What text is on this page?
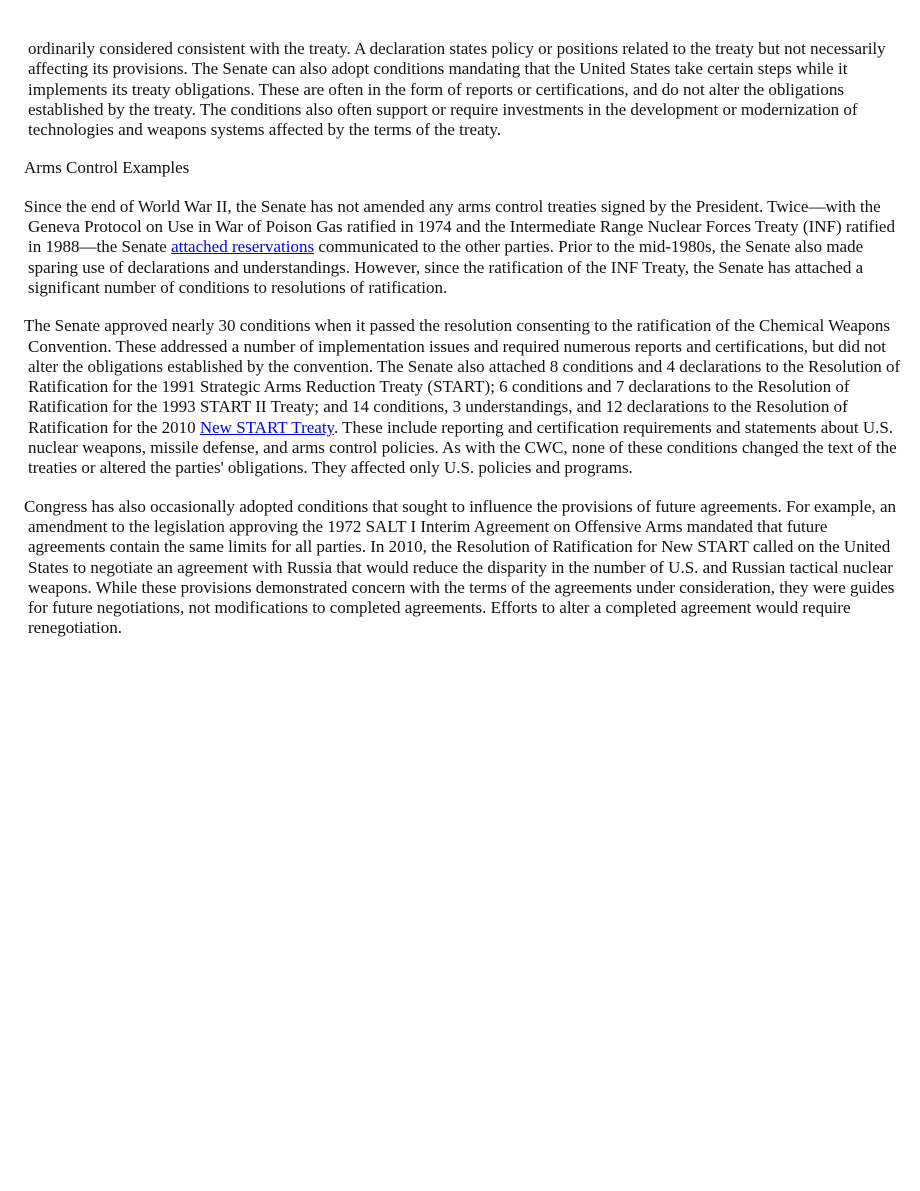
ordinarily considered consistent with the treaty. A declaration states policy or positions related to the treaty but not necessarily affecting its provisions. The Senate can also adopt conditions mandating that the United States take certain steps while it implements its treaty obligations. These are often in the form of reports or certifications, and do not alter the obligations established by the treaty. The conditions also often support or require investments in the development or modernization of technologies and weapons systems affected by the terms of the treaty.

Arms Control Examples

Since the end of World War II, the Senate has not amended any arms control treaties signed by the President. Twice—with the Geneva Protocol on Use in War of Poison Gas ratified in 1974 and the Intermediate Range Nuclear Forces Treaty (INF) ratified in 1988—the Senate attached reservations communicated to the other parties. Prior to the mid-1980s, the Senate also made sparing use of declarations and understandings. However, since the ratification of the INF Treaty, the Senate has attached a significant number of conditions to resolutions of ratification.

The Senate approved nearly 30 conditions when it passed the resolution consenting to the ratification of the Chemical Weapons Convention. These addressed a number of implementation issues and required numerous reports and certifications, but did not alter the obligations established by the convention. The Senate also attached 8 conditions and 4 declarations to the Resolution of Ratification for the 1991 Strategic Arms Reduction Treaty (START); 6 conditions and 7 declarations to the Resolution of Ratification for the 1993 START II Treaty; and 14 conditions, 3 understandings, and 12 declarations to the Resolution of Ratification for the 2010 New START Treaty. These include reporting and certification requirements and statements about U.S. nuclear weapons, missile defense, and arms control policies. As with the CWC, none of these conditions changed the text of the treaties or altered the parties' obligations. They affected only U.S. policies and programs.

Congress has also occasionally adopted conditions that sought to influence the provisions of future agreements. For example, an amendment to the legislation approving the 1972 SALT I Interim Agreement on Offensive Arms mandated that future agreements contain the same limits for all parties. In 2010, the Resolution of Ratification for New START called on the United States to negotiate an agreement with Russia that would reduce the disparity in the number of U.S. and Russian tactical nuclear weapons. While these provisions demonstrated concern with the terms of the agreements under consideration, they were guides for future negotiations, not modifications to completed agreements. Efforts to alter a completed agreement would require renegotiation.
